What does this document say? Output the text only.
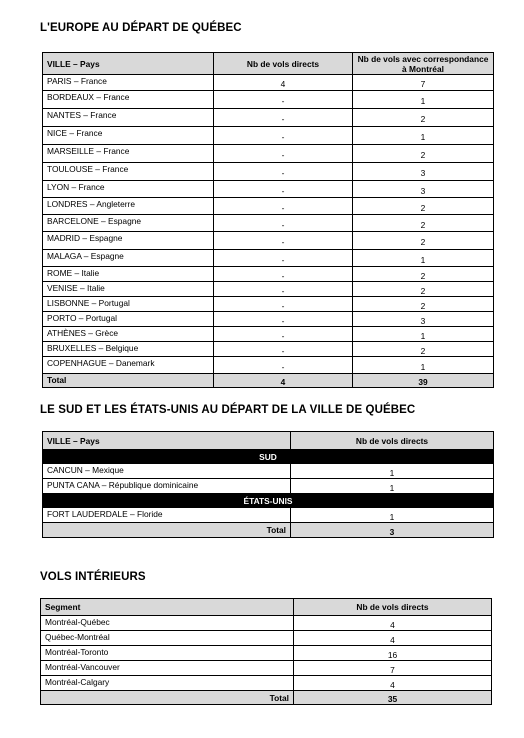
L'EUROPE AU DÉPART DE QUÉBEC
VILLE – Pays	Nb de vols directs	Nb de vols avec correspondance à Montréal
PARIS – France	4	7
BORDEAUX – France	-	1
NANTES – France	-	2
NICE – France	-	1
MARSEILLE – France	-	2
TOULOUSE – France	-	3
LYON – France	-	3
LONDRES – Angleterre	-	2
BARCELONE – Espagne	-	2
MADRID – Espagne	-	2
MALAGA – Espagne	-	1
ROME – Italie	-	2
VENISE – Italie	-	2
LISBONNE – Portugal	-	2
PORTO – Portugal	-	3
ATHÈNES – Grèce	-	1
BRUXELLES – Belgique	-	2
COPENHAGUE – Danemark	-	1
Total	4	39
LE SUD ET LES ÉTATS-UNIS AU DÉPART DE LA VILLE DE QUÉBEC
VILLE – Pays	Nb de vols directs
SUD	
CANCUN – Mexique	1
PUNTA CANA – République dominicaine	1
ÉTATS-UNIS	
FORT LAUDERDALE – Floride	1
Total	3
VOLS INTÉRIEURS
Segment	Nb de vols directs
Montréal-Québec	4
Québec-Montréal	4
Montréal-Toronto	16
Montréal-Vancouver	7
Montréal-Calgary	4
Total	35
